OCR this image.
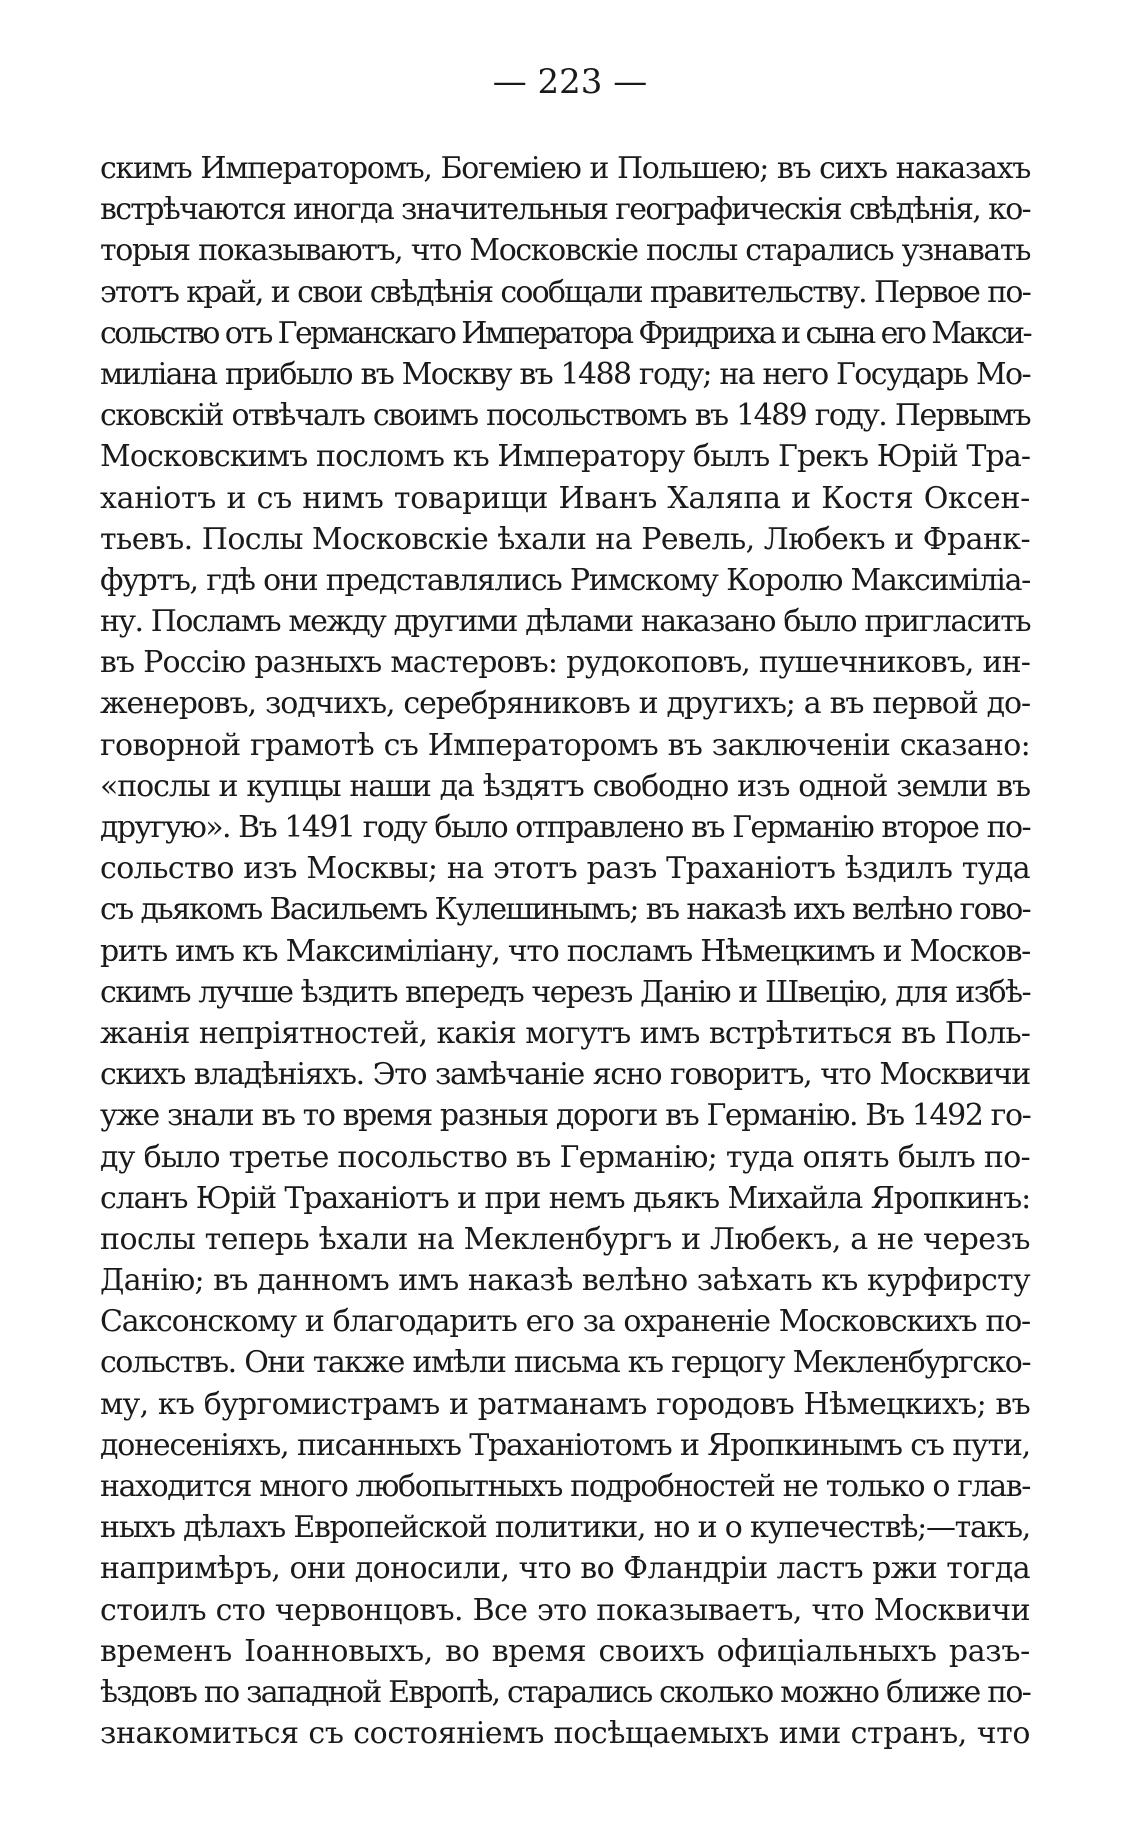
— 223 —
скимъ Императоромъ, Богеміею и Польшею; въ сихъ наказахъ
встрѣчаются иногда значительныя географическія свѣдѣнія, ко-
торыя показываютъ, что Московскіе послы старались узнавать
этотъ край, и свои свѣдѣнія сообщали правительству. Первое по-
сольство отъ Германскаго Императора Фридриха и сына его Макси-
миліана прибыло въ Москву въ 1488 году; на него Государь Мо-
сковскій отвѣчалъ своимъ посольствомъ въ 1489 году. Первымъ
Московскимъ посломъ къ Императору былъ Грекъ Юрій Тра-
ханіотъ и съ нимъ товарищи Иванъ Халяпа и Костя Оксен-
тьевъ. Послы Московскіе ѣхали на Ревель, Любекъ и Франк-
фуртъ, гдѣ они представлялись Римскому Королю Максиміліа-
ну. Посламъ между другими дѣлами наказано было пригласить
въ Россію разныхъ мастеровъ: рудокоповъ, пушечниковъ, ин-
женеровъ, зодчихъ, серебряниковъ и другихъ; а въ первой до-
говорной грамотѣ съ Императоромъ въ заключеніи сказано:
«послы и купцы наши да ѣздятъ свободно изъ одной земли въ
другую». Въ 1491 году было отправлено въ Германію второе по-
сольство изъ Москвы; на этотъ разъ Траханіотъ ѣздилъ туда
съ дьякомъ Васильемъ Кулешинымъ; въ наказѣ ихъ велѣно гово-
рить имъ къ Максиміліану, что посламъ Нѣмецкимъ и Москов-
скимъ лучше ѣздить впередъ черезъ Данію и Швецію, для избѣ-
жанія непріятностей, какія могутъ имъ встрѣтиться въ Поль-
скихъ владѣніяхъ. Это замѣчаніе ясно говоритъ, что Москвичи
уже знали въ то время разныя дороги въ Германію. Въ 1492 го-
ду было третье посольство въ Германію; туда опять былъ по-
сланъ Юрій Траханіотъ и при немъ дьякъ Михайла Яропкинъ:
послы теперь ѣхали на Мекленбургъ и Любекъ, а не черезъ
Данію; въ данномъ имъ наказѣ велѣно заѣхать къ курфирсту
Саксонскому и благодарить его за охраненіе Московскихъ по-
сольствъ. Они также имѣли письма къ герцогу Мекленбургско-
му, къ бургомистрамъ и ратманамъ городовъ Нѣмецкихъ; въ
донесеніяхъ, писанныхъ Траханіотомъ и Яропкинымъ съ пути,
находится много любопытныхъ подробностей не только о глав-
ныхъ дѣлахъ Европейской политики, но и о купечествѣ;—такъ,
напримѣръ, они доносили, что во Фландріи ластъ ржи тогда
стоилъ сто червонцовъ. Все это показываетъ, что Москвичи
временъ Іоанновыхъ, во время своихъ офиціальныхъ разъ-
ѣздовъ по западной Европѣ, старались сколько можно ближе по-
знакомиться съ состояніемъ посѣщаемыхъ ими странъ, что
